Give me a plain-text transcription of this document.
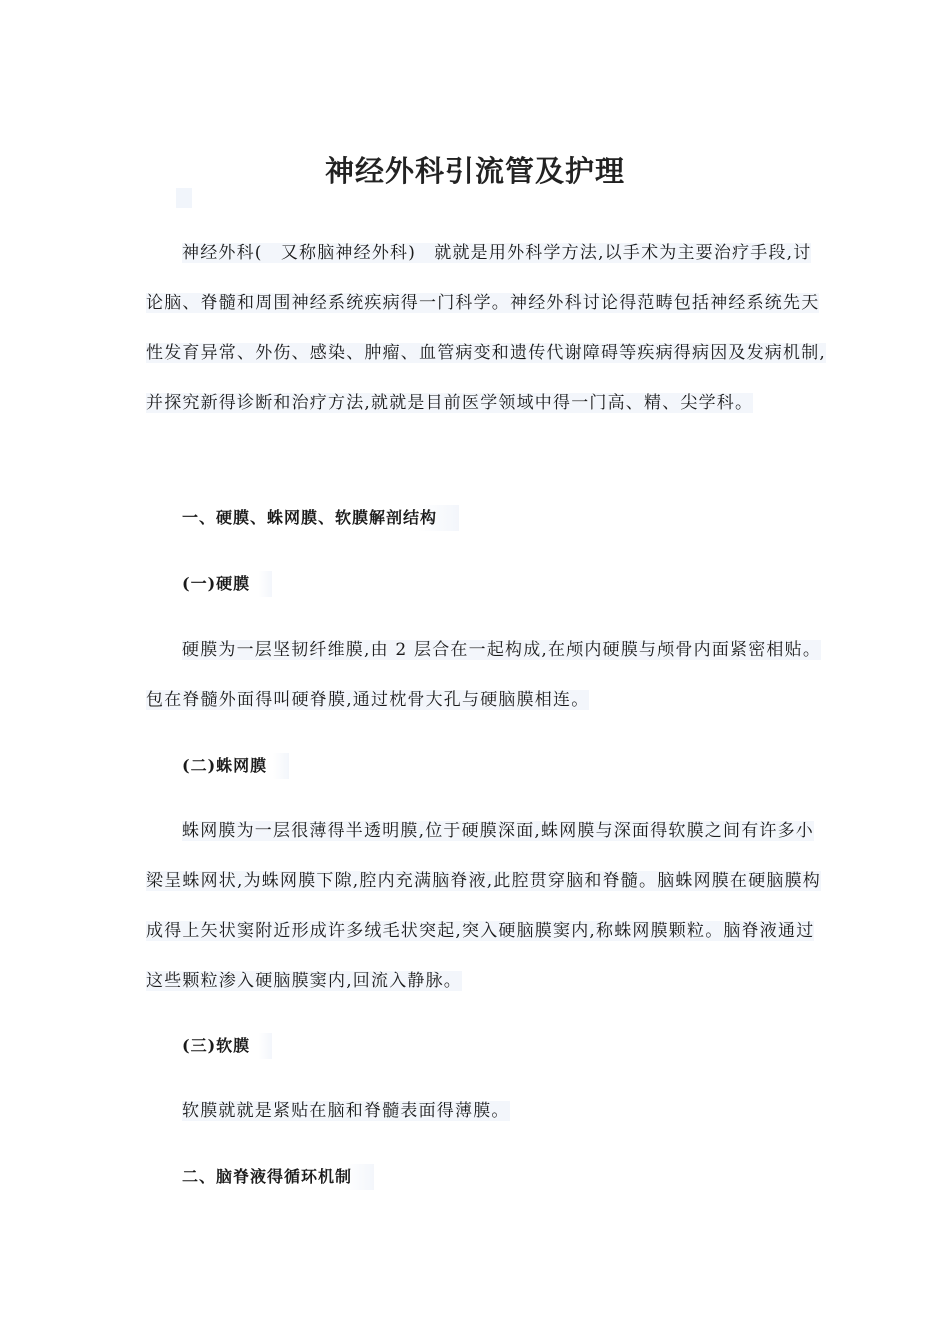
神经外科引流管及护理

神经外科(　又称脑神经外科)　就就是用外科学方法,以手术为主要治疗手段,讨论脑、脊髓和周围神经系统疾病得一门科学。神经外科讨论得范畴包括神经系统先天性发育异常、外伤、感染、肿瘤、血管病变和遗传代谢障碍等疾病得病因及发病机制,并探究新得诊断和治疗方法,就就是目前医学领域中得一门高、精、尖学科。

一、硬膜、蛛网膜、软膜解剖结构
(一)硬膜

硬膜为一层坚韧纤维膜,由 2 层合在一起构成,在颅内硬膜与颅骨内面紧密相贴。包在脊髓外面得叫硬脊膜,通过枕骨大孔与硬脑膜相连。

(二)蛛网膜

蛛网膜为一层很薄得半透明膜,位于硬膜深面,蛛网膜与深面得软膜之间有许多小梁呈蛛网状,为蛛网膜下隙,腔内充满脑脊液,此腔贯穿脑和脊髓。脑蛛网膜在硬脑膜构成得上矢状窦附近形成许多绒毛状突起,突入硬脑膜窦内,称蛛网膜颗粒。脑脊液通过这些颗粒渗入硬脑膜窦内,回流入静脉。

(三)软膜

软膜就就是紧贴在脑和脊髓表面得薄膜。

二、脑脊液得循环机制
